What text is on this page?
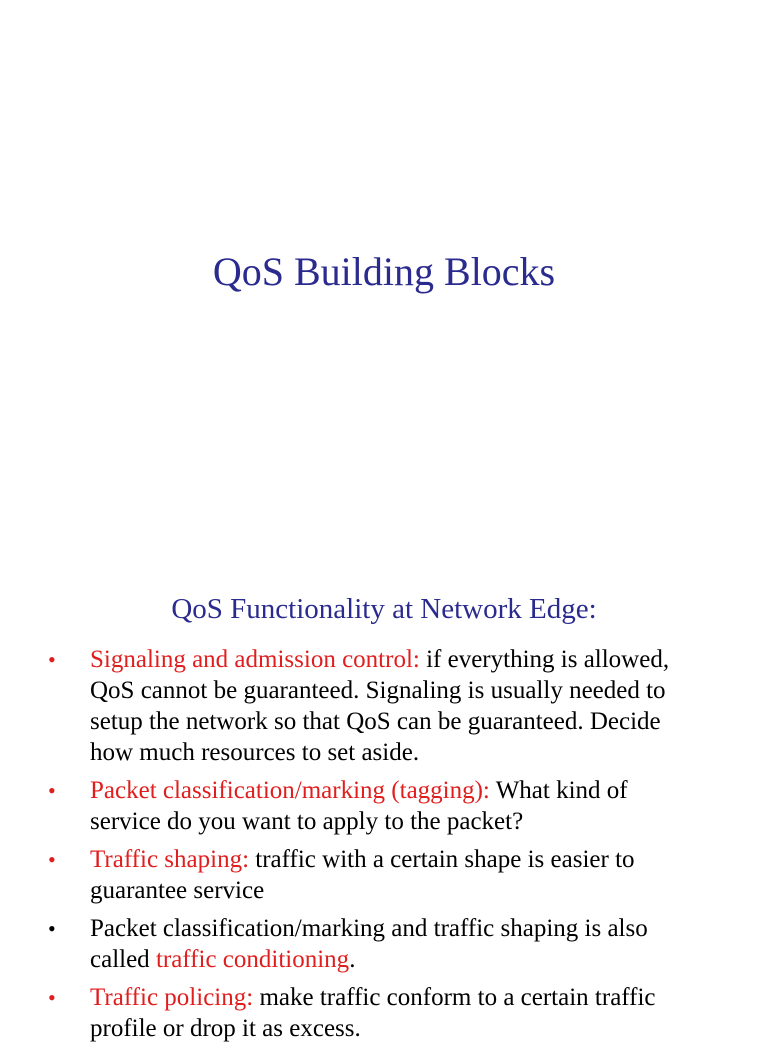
QoS Building Blocks
QoS Functionality at Network Edge:
• Signaling and admission control: if everything is allowed, QoS cannot be guaranteed. Signaling is usually needed to setup the network so that QoS can be guaranteed. Decide how much resources to set aside.
• Packet classification/marking (tagging): What kind of service do you want to apply to the packet?
• Traffic shaping: traffic with a certain shape is easier to guarantee service
• Packet classification/marking and traffic shaping is also called traffic conditioning.
• Traffic policing: make traffic conform to a certain traffic profile or drop it as excess.
